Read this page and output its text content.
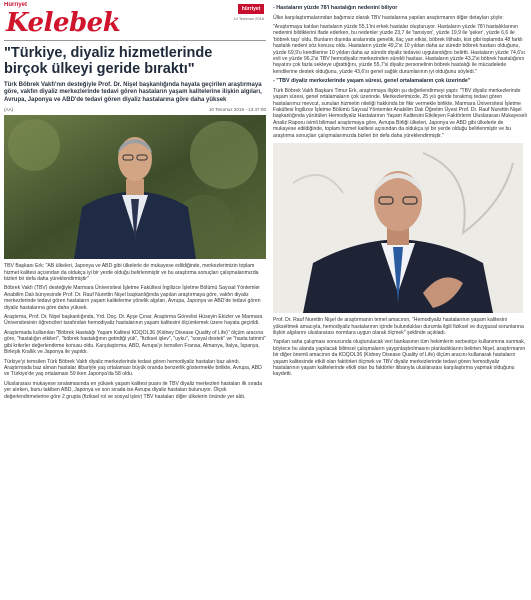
Hürriyet
Kelebek	hürriyet
10 Temmuz 2016
"Türkiye, diyaliz hizmetlerinde
birçok ülkeyi geride bıraktı"
Türk Böbrek Vakfı'nın desteğiyle Prof. Dr. Nişel başkanlığında hayata geçirilen araştırmaya göre, vakfın diyaliz merkezlerinde tedavi gören hastaların yaşam kalitelerine ilişkin algıları, Avrupa, Japonya ve ABD'de tedavi gören diyaliz hastalarına göre daha yüksek
(AA)	10 Temmuz 2016 - 13:47:00
TBV Başkanı Erk: "AB ülkeleri, Japonya ve ABD gibi ülkelerle de mukayese edildiğinde, merkezlerimizin toplam hizmet kalitesi açısından da oldukça iyi bir yerde olduğu belirlenmiştir ve bu araştırma sonuçları çalışmalarımızda bizleri bir defa daha yüreklendirmiştir"
Böbrek Vakfı (TBV) desteğiyle Marmara Üniversitesi İşletme Fakültesi İngilizce İşletme Bölümü Sayısal Yöntemler Anabilim Dalı bünyesinde Prof. Dr. Rauf Nurettin Nişel başkanlığında yapılan araştırmaya göre, vakfın diyaliz merkezlerinde tedavi gören hastaların yaşam kalitelerine yönelik algıları, Avrupa, Japonya ve ABD'de tedavi gören diyaliz hastalarına göre daha yüksek.
Araştırma, Prof. Dr. Nişel başkanlığında, Yrd. Doç. Dr. Ayşe Çınar, Araştırma Görevlisi Hüseyin Ekizler ve Marmara Üniversitesinin öğrencileri tarafından hemodiyaliz hastalarının yaşam kalitesini ölçümlemek üzere hayata geçirildi.
Araştırmada kullanılan "Böbrek Hastalığı Yaşam Kalitesi KDQOL36 (Kidney Disease Quality of Life)" ölçüm aracına göre, "hastalığın etkileri", "böbrek hastalığının getirdiği yük", "fiziksel işlev", "uyku", "sosyal destek" ve "hasta tatmini" gibi kriterler değerlendirme konusu oldu. Karşılaştırma, ABD, Avrupa'yı temsilen Fransa, Almanya, İtalya, İspanya, Birleşik Krallık ve Japonya ile yapıldı.
Türkiye'yi temsilen Türk Böbrek Vakfı diyaliz merkezlerinde tedavi gören hemodiyaliz hastaları baz alındı. Araştırmada baz alınan hastalar itibariyle yaş ortalaması büyük oranda benzerlik göstermekle birlikte, Avrupa, ABD ve Türkiye'de yaş ortalaması 59 iken Japonya'da 58 oldu.
Uluslararası mukayese sıralamasında en yüksek yaşam kalitesi puanı ile TBV diyaliz merkezleri hastaları ilk sırada yer alırken, bunu takiben ABD, Japonya ve son sırada ise Avrupa diyaliz hastaları bulunuyor. Ölçek değerlendirmelerine göre 2 grupta (fiziksel rol ve sosyal işlev) TBV hastaları diğer ülkelerin önünde yer aldı.
- Hastaların yüzde 78'i hastalığın nedenini biliyor
Ülke karşılaştırmalarından bağımsız olarak TBV hastalarına yapılan araştırmanın diğer detayları şöyle:
"Araştırmaya katılan hastaların yüzde 55,1'ini erkek hastalar oluşturuyor. Hastaların yüzde 78'i hastalıklarının nedenini bildiklerini ifade ederken, bu nedenler yüzde 23,7 ile 'tansiyon', yüzde 19,9 ile 'şeker', yüzde 6,6 ile 'böbrek taşı' oldu. Bunların dışında aralarında genetik, ilaç yan etkisi, böbrek iltihabı, kist gibi toplamda 48 farklı hastalık nedeni söz konusu oldu. Hastaların yüzde 49,2'si 10 yıldan daha az süredir böbrek hastası olduğunu, yüzde 69,9'u kendilerine 10 yıldan daha az süredir diyaliz tedavisi uygulandığını belirtti. Hastaların yüzde 74,6'sı evli ve yüzde 96,2'si TBV hemodiyaliz merkezinden sürekli hastası. Hastaların yüzde 43,2'si böbrek hastalığının hayatını çok fazla sekteye uğrattığını, yüzde 55,7'si diyaliz personelinin böbrek hastalığı ile mücadelede kendilerine destek olduğunu, yüzde 43,6'sı genel sağlık durumlarının iyi olduğunu söyledi."
- "TBV diyaliz merkezlerinde yaşam süresi, genel ortalamaların çok üzerinde"
Türk Böbrek Vakfı Başkanı Timur Erk, araştırmaya ilişkin şu değerlendirmeyi yaptı: "TBV diyaliz merkezlerinde yaşam süresi, genel ortalamaların çok üzerinde. Merkezlerimizde, 25 yılı geride bırakmış tedavi gören hastalarımız mevcut, sunulan hizmetin niteliği hakkında bir fikir vermekle birlikte, Marmara Üniversitesi İşletme Fakültesi İngilizce İşletme Bölümü Sayısal Yöntemler Anabilim Dalı Öğretim Üyesi Prof. Dr. Rauf Nurettin Nişel başkanlığında yürütülen Hemodiyaliz Hastalarının Yaşam Kalitesini Etkileyen Faktörlerin Uluslararası Mukayeseli Analiz Raporu isimli bilimsel araştırmaya göre, Avrupa Birliği ülkeleri, Japonya ve ABD gibi ülkelerle de mukayese edildiğinde, toplam hizmet kalitesi açısından da oldukça iyi bir yerde olduğu belirlenmiştir ve bu araştırma sonuçları çalışmalarımızda bizleri bir defa daha yüreklendirmiştir."
Prof. Dr. Rauf Nurettin Nişel de araştırmanın temel amacının, "Hemodiyaliz hastalarının yaşam kalitesini yükseltmek amacıyla, hemodiyaliz hastalarının içinde bulundukları durumla ilgili fiziksel ve duygusal sorunlarına ilişkin algılarını uluslararası normlara uygun olarak ölçmek" şeklinde açıkladı.
Yapılan saha çalışması sonucunda oluşturulacak veri bankasının tüm hekimlerin serbestçe kullanımına sunmak, böylece bu alanda yapılacak bilimsel çalışmaların yaygınlaştırılmasını planladıklarını belirten Nişel, araştırmanın bir diğer önemli amacının da KDQOL36 (Kidney Disease Quality of Life) ölçüm aracını kullanarak hastaların yaşam kalitesinde etkili olan faktörleri ölçmek ve TBV diyaliz merkezlerinde tedavi gören hemodiyaliz hastalarının yaşam kalitelerinde etkili olan bu faktörler itibarıyla uluslararası karşılaştırma yapmak olduğunu kaydetti.
